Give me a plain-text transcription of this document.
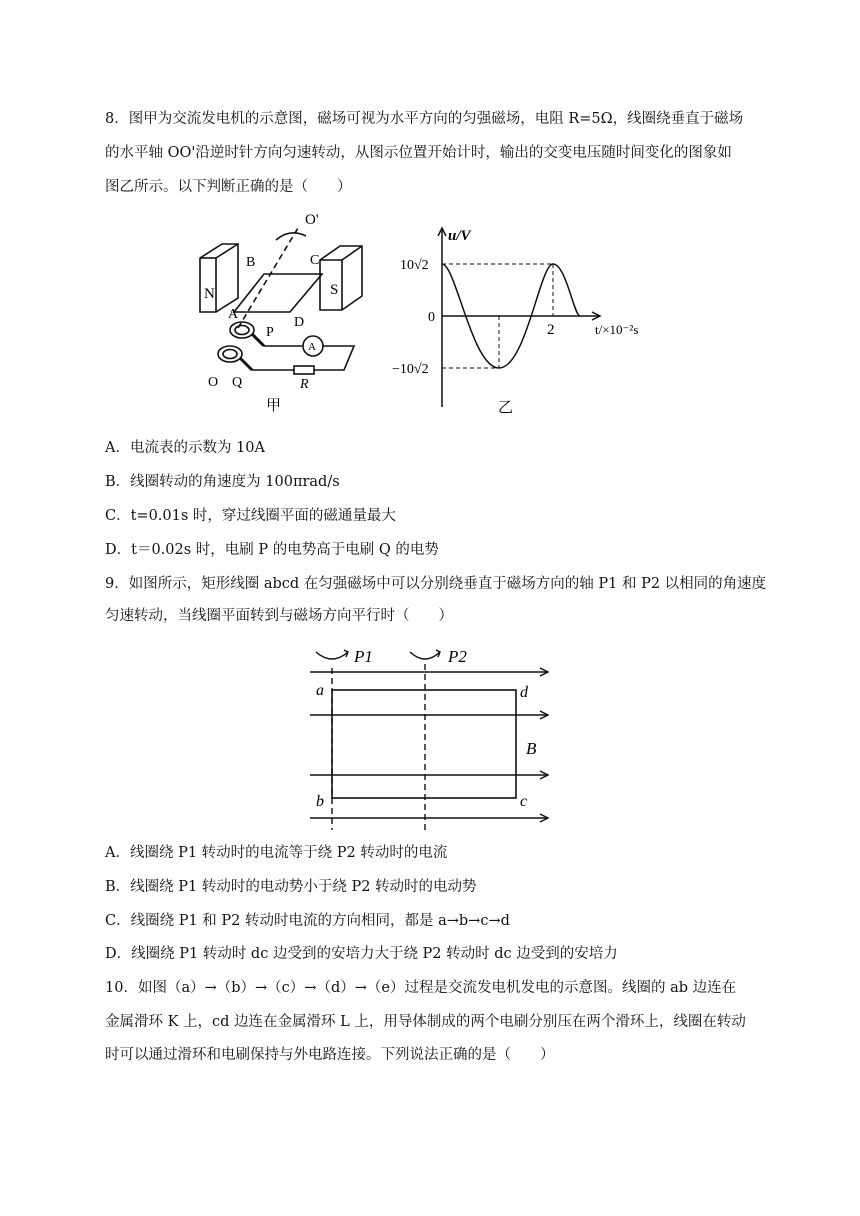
8．图甲为交流发电机的示意图，磁场可视为水平方向的匀强磁场，电阻 R=5Ω，线圈绕垂直于磁场
的水平轴 OO'沿逆时针方向匀速转动，从图示位置开始计时，输出的交变电压随时间变化的图象如
图乙所示。以下判断正确的是（　　）
O'
B	C
N	S
A
D
P
Q
O
A
R
甲
u/V
10√2
0
−10√2
2	t/×10⁻²s
乙
A．电流表的示数为 10A
B．线圈转动的角速度为 100πrad/s
C．t=0.01s 时，穿过线圈平面的磁通量最大
D．t＝0.02s 时，电刷 P 的电势高于电刷 Q 的电势
9．如图所示，矩形线圈 abcd 在匀强磁场中可以分别绕垂直于磁场方向的轴 P1 和 P2 以相同的角速度
匀速转动，当线圈平面转到与磁场方向平行时（　　）
P1	P2
a	d
b	c
B
A．线圈绕 P1 转动时的电流等于绕 P2 转动时的电流
B．线圈绕 P1 转动时的电动势小于绕 P2 转动时的电动势
C．线圈绕 P1 和 P2 转动时电流的方向相同，都是 a→b→c→d
D．线圈绕 P1 转动时 dc 边受到的安培力大于绕 P2 转动时 dc 边受到的安培力
10．如图（a）→（b）→（c）→（d）→（e）过程是交流发电机发电的示意图。线圈的 ab 边连在
金属滑环 K 上，cd 边连在金属滑环 L 上，用导体制成的两个电刷分别压在两个滑环上，线圈在转动
时可以通过滑环和电刷保持与外电路连接。下列说法正确的是（　　）
